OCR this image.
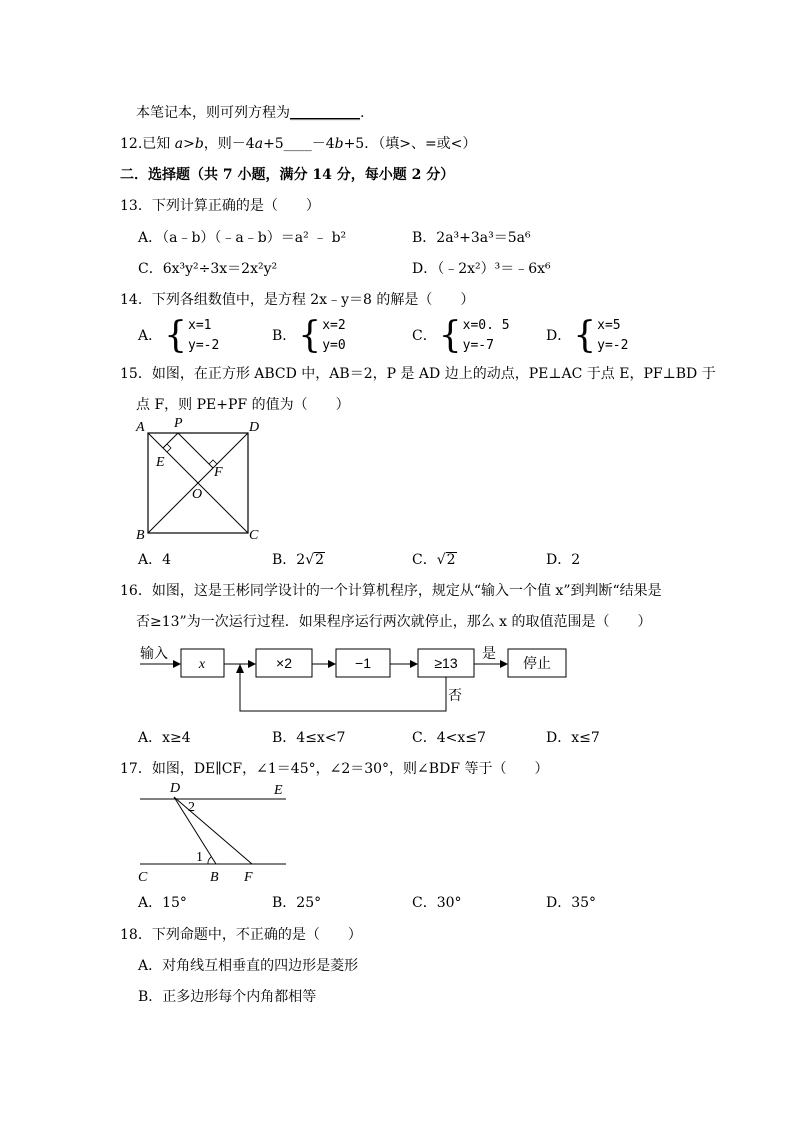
本笔记本，则可列方程为__________.
12.已知 a>b，则－4a+5____－4b+5．（填>、=或<）
二．选择题（共 7 小题，满分 14 分，每小题 2 分）
13．下列计算正确的是（　　）
A．（a﹣b）（﹣a﹣b）＝a² ﹣ b²	B．2a³+3a³＝5a⁶
C．6x³y²÷3x＝2x²y²	D．（﹣2x²）³＝﹣6x⁶
14．下列各组数值中，是方程 2x﹣y＝8 的解是（　　）
A．{ x=1
y=-2
B．{ x=2
y=0
C．{ x=0. 5
y=-7
D．{ x=5
y=-2
15．如图，在正方形 ABCD 中，AB＝2，P 是 AD 边上的动点，PE⊥AC 于点 E，PF⊥BD 于
点 F，则 PE+PF 的值为（　　）
A P	D
E
F
O
B	C
A．4	B．2√2	C．√2	D．2
16．如图，这是王彬同学设计的一个计算机程序，规定从“输入一个值 x”到判断“结果是
否≥13”为一次运行过程．如果程序运行两次就停止，那么 x 的取值范围是（　　）
输入
x	×2	−1	≥13
是
停止
否
A．x≥4	B．4≤x<7	C．4<x≤7	D．x≤7
17．如图，DE∥CF，∠1＝45°，∠2＝30°，则∠BDF 等于（　　）
D	E
2
1
C	B F
A．15°	B．25°	C．30°	D．35°
18．下列命题中，不正确的是（　　）
A．对角线互相垂直的四边形是菱形
B．正多边形每个内角都相等
